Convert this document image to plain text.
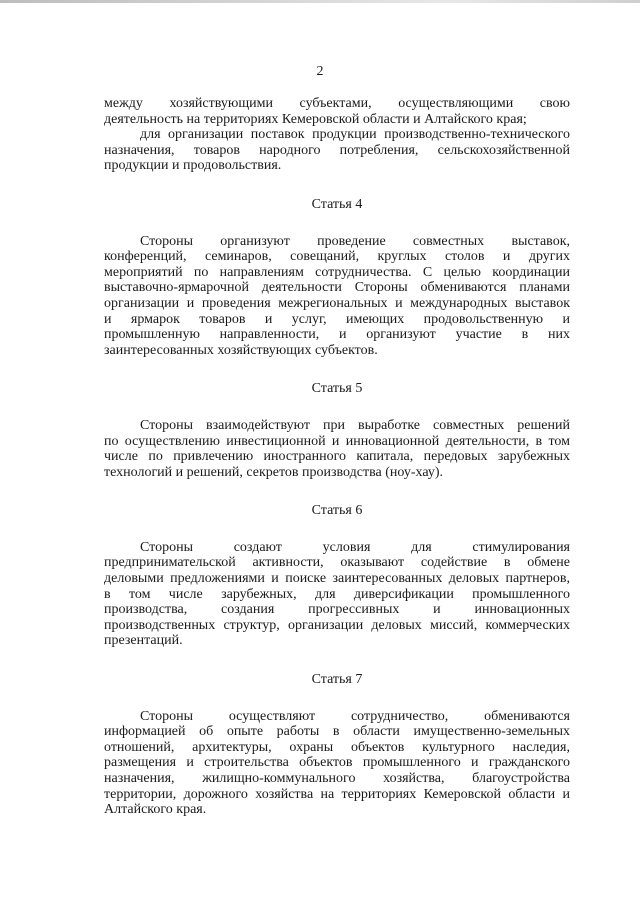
2
между хозяйствующими субъектами, осуществляющими свою
деятельность на территориях Кемеровской области и Алтайского края;
для организации поставок продукции производственно-технического
назначения, товаров народного потребления, сельскохозяйственной
продукции и продовольствия.
Статья 4
Стороны организуют проведение совместных выставок,
конференций, семинаров, совещаний, круглых столов и других
мероприятий по направлениям сотрудничества. С целью координации
выставочно-ярмарочной деятельности Стороны обмениваются планами
организации и проведения межрегиональных и международных выставок
и ярмарок товаров и услуг, имеющих продовольственную и
промышленную направленности, и организуют участие в них
заинтересованных хозяйствующих субъектов.
Статья 5
Стороны взаимодействуют при выработке совместных решений
по осуществлению инвестиционной и инновационной деятельности, в том
числе по привлечению иностранного капитала, передовых зарубежных
технологий и решений, секретов производства (ноу-хау).
Статья 6
Стороны создают условия для стимулирования
предпринимательской активности, оказывают содействие в обмене
деловыми предложениями и поиске заинтересованных деловых партнеров,
в том числе зарубежных, для диверсификации промышленного
производства, создания прогрессивных и инновационных
производственных структур, организации деловых миссий, коммерческих
презентаций.
Статья 7
Стороны осуществляют сотрудничество, обмениваются
информацией об опыте работы в области имущественно-земельных
отношений, архитектуры, охраны объектов культурного наследия,
размещения и строительства объектов промышленного и гражданского
назначения, жилищно-коммунального хозяйства, благоустройства
территории, дорожного хозяйства на территориях Кемеровской области и
Алтайского края.
